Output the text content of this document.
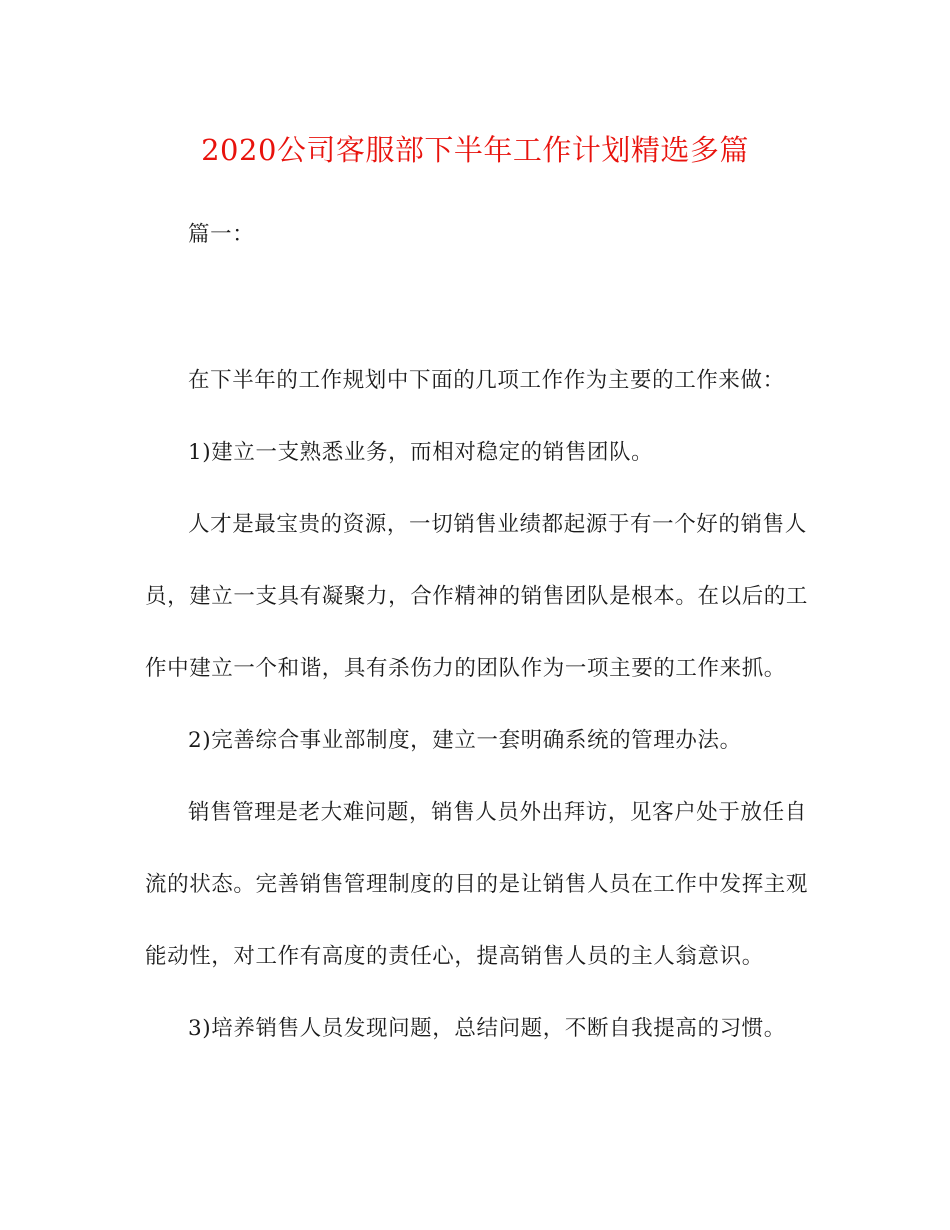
2020公司客服部下半年工作计划精选多篇
篇一：
在下半年的工作规划中下面的几项工作作为主要的工作来做：
1)建立一支熟悉业务，而相对稳定的销售团队。
人才是最宝贵的资源，一切销售业绩都起源于有一个好的销售人
员，建立一支具有凝聚力，合作精神的销售团队是根本。在以后的工
作中建立一个和谐，具有杀伤力的团队作为一项主要的工作来抓。
2)完善综合事业部制度，建立一套明确系统的管理办法。
销售管理是老大难问题，销售人员外出拜访，见客户处于放任自
流的状态。完善销售管理制度的目的是让销售人员在工作中发挥主观
能动性，对工作有高度的责任心，提高销售人员的主人翁意识。
3)培养销售人员发现问题，总结问题，不断自我提高的习惯。
